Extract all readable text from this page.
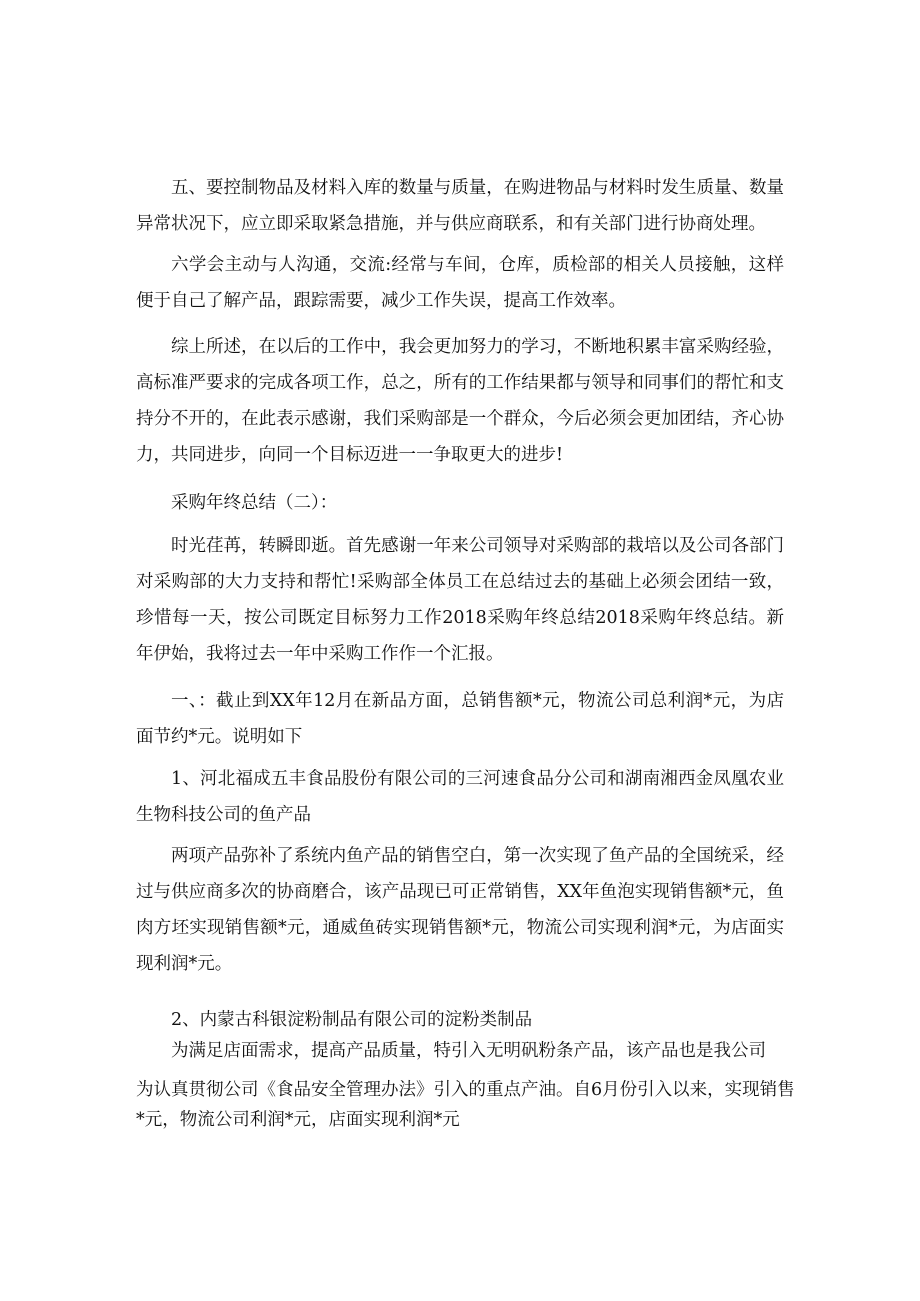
五、要控制物品及材料入库的数量与质量，在购进物品与材料时发生质量、数量异常状况下，应立即采取紧急措施，并与供应商联系，和有关部门进行协商处理。

六学会主动与人沟通，交流:经常与车间，仓库，质检部的相关人员接触，这样便于自己了解产品，跟踪需要，减少工作失误，提高工作效率。

综上所述，在以后的工作中，我会更加努力的学习，不断地积累丰富采购经验，高标准严要求的完成各项工作，总之，所有的工作结果都与领导和同事们的帮忙和支持分不开的，在此表示感谢，我们采购部是一个群众，今后必须会更加团结，齐心协力，共同进步，向同一个目标迈进一一争取更大的进步!

采购年终总结（二）：

时光荏苒，转瞬即逝。首先感谢一年来公司领导对采购部的栽培以及公司各部门对采购部的大力支持和帮忙!采购部全体员工在总结过去的基础上必须会团结一致，珍惜每一天，按公司既定目标努力工作2018采购年终总结2018采购年终总结。新年伊始，我将过去一年中采购工作作一个汇报。

一、：截止到XX年12月在新品方面，总销售额*元，物流公司总利润*元，为店面节约*元。说明如下

1、河北福成五丰食品股份有限公司的三河速食品分公司和湖南湘西金凤凰农业生物科技公司的鱼产品

两项产品弥补了系统内鱼产品的销售空白，第一次实现了鱼产品的全国统采，经过与供应商多次的协商磨合，该产品现已可正常销售，XX年鱼泡实现销售额*元，鱼肉方坯实现销售额*元，通威鱼砖实现销售额*元，物流公司实现利润*元，为店面实现利润*元。

2、内蒙古科银淀粉制品有限公司的淀粉类制品

为满足店面需求，提高产品质量，特引入无明矾粉条产品，该产品也是我公司

为认真贯彻公司《食品安全管理办法》引入的重点产油。自6月份引入以来，实现销售

*元，物流公司利润*元，店面实现利润*元
